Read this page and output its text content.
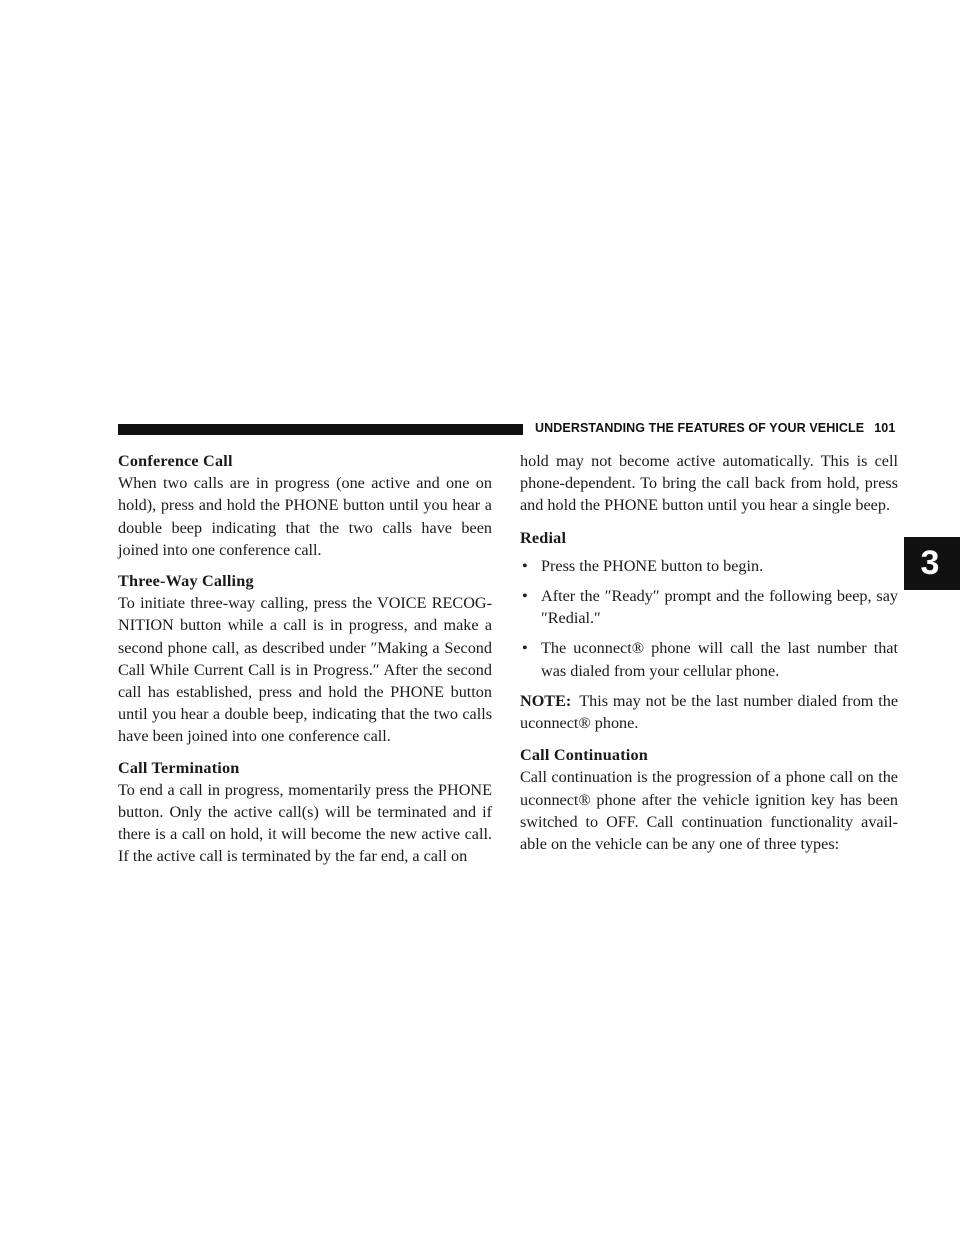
UNDERSTANDING THE FEATURES OF YOUR VEHICLE 101
3
Conference Call

When two calls are in progress (one active and one on hold), press and hold the PHONE button until you hear a double beep indicating that the two calls have been joined into one conference call.

Three-Way Calling

To initiate three-way calling, press the VOICE RECOG-NITION button while a call is in progress, and make a second phone call, as described under ″Making a Second Call While Current Call is in Progress.″ After the second call has established, press and hold the PHONE button until you hear a double beep, indicating that the two calls have been joined into one conference call.

Call Termination

To end a call in progress, momentarily press the PHONE button. Only the active call(s) will be terminated and if there is a call on hold, it will become the new active call. If the active call is terminated by the far end, a call on

hold may not become active automatically. This is cell phone-dependent. To bring the call back from hold, press and hold the PHONE button until you hear a single beep.

Redial
• Press the PHONE button to begin.
• After the ″Ready″ prompt and the following beep, say ″Redial.″
• The uconnect® phone will call the last number that was dialed from your cellular phone.

NOTE: This may not be the last number dialed from the uconnect® phone.

Call Continuation

Call continuation is the progression of a phone call on the uconnect® phone after the vehicle ignition key has been switched to OFF. Call continuation functionality avail-able on the vehicle can be any one of three types:
